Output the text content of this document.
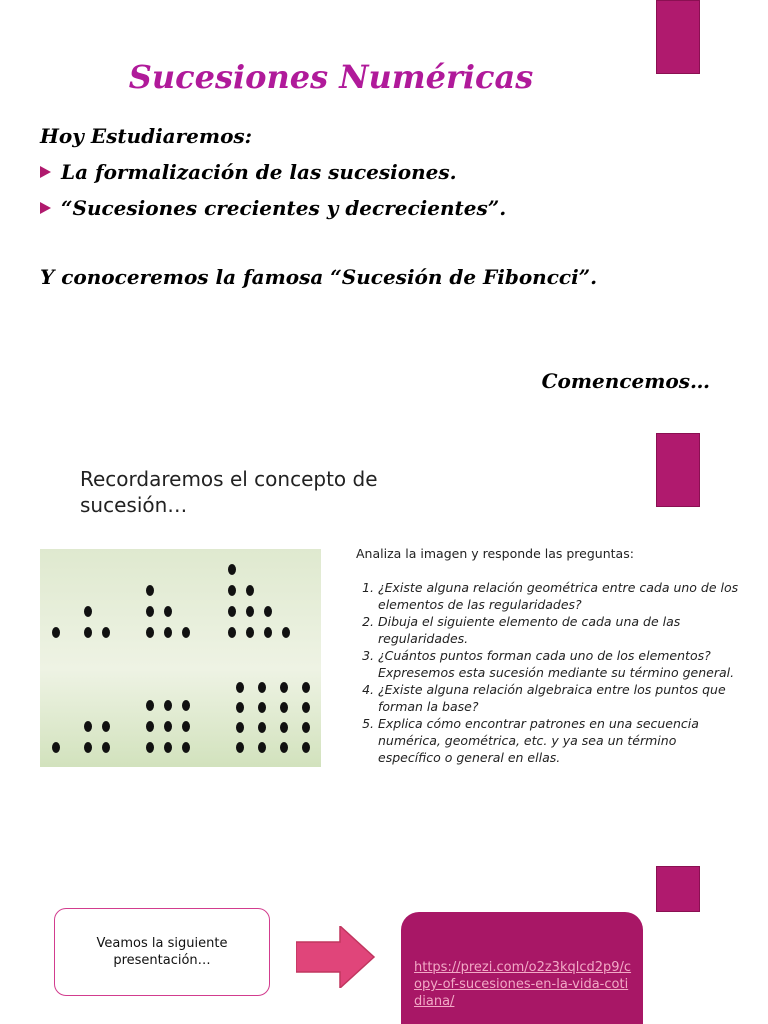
Sucesiones Numéricas
Hoy Estudiaremos:
La formalización de las sucesiones.
“Sucesiones crecientes y decrecientes”.
Y conoceremos la famosa “Sucesión de Fiboncci”.
Comencemos…
Recordaremos el concepto de sucesión…

Analiza la imagen y responde las preguntas:

1. ¿Existe alguna relación geométrica entre cada uno de los elementos de las regularidades?
2. Dibuja el siguiente elemento de cada una de las regularidades.
3. ¿Cuántos puntos forman cada uno de los elementos? Expresemos esta sucesión mediante su término general.
4. ¿Existe alguna relación algebraica entre los puntos que forman la base?
5. Explica cómo encontrar patrones en una secuencia numérica, geométrica, etc. y ya sea un término específico o general en ellas.
Veamos la siguiente presentación…	https://prezi.com/o2z3kqlcd2p9/copy-of-sucesiones-en-la-vida-cotidiana/
